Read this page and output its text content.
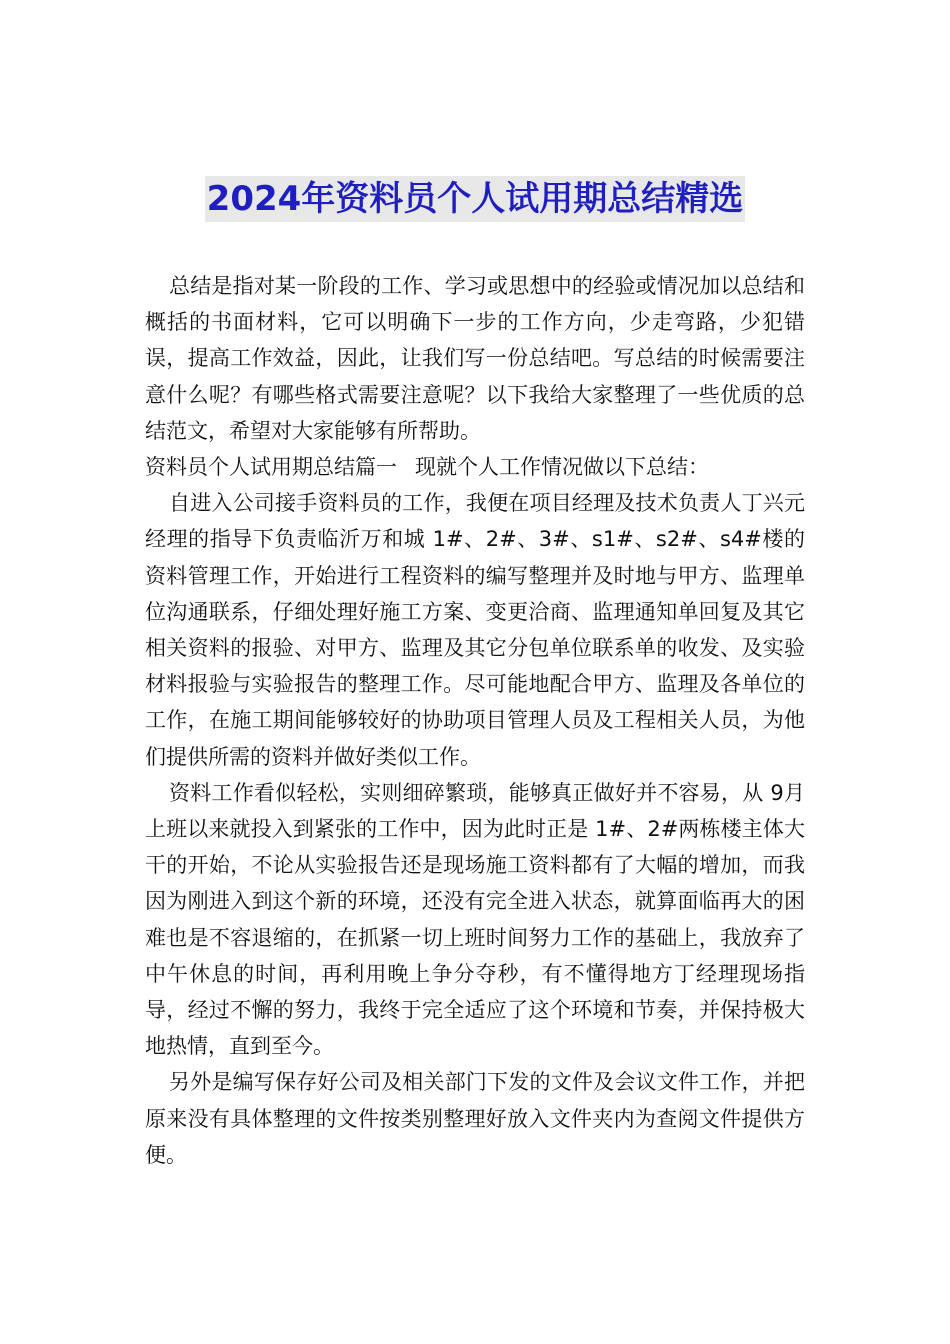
2024年资料员个人试用期总结精选

总结是指对某一阶段的工作、学习或思想中的经验或情况加以总结和概括的书面材料，它可以明确下一步的工作方向，少走弯路，少犯错误，提高工作效益，因此，让我们写一份总结吧。写总结的时候需要注意什么呢？有哪些格式需要注意呢？以下我给大家整理了一些优质的总结范文，希望对大家能够有所帮助。

资料员个人试用期总结篇一 现就个人工作情况做以下总结：

自进入公司接手资料员的工作，我便在项目经理及技术负责人丁兴元经理的指导下负责临沂万和城 1#、2#、3#、s1#、s2#、s4#楼的资料管理工作，开始进行工程资料的编写整理并及时地与甲方、监理单位沟通联系，仔细处理好施工方案、变更洽商、监理通知单回复及其它相关资料的报验、对甲方、监理及其它分包单位联系单的收发、及实验材料报验与实验报告的整理工作。尽可能地配合甲方、监理及各单位的工作，在施工期间能够较好的协助项目管理人员及工程相关人员，为他们提供所需的资料并做好类似工作。

资料工作看似轻松，实则细碎繁琐，能够真正做好并不容易，从 9月上班以来就投入到紧张的工作中，因为此时正是 1#、2#两栋楼主体大干的开始，不论从实验报告还是现场施工资料都有了大幅的增加，而我因为刚进入到这个新的环境，还没有完全进入状态，就算面临再大的困难也是不容退缩的，在抓紧一切上班时间努力工作的基础上，我放弃了中午休息的时间，再利用晚上争分夺秒，有不懂得地方丁经理现场指导，经过不懈的努力，我终于完全适应了这个环境和节奏，并保持极大地热情，直到至今。

另外是编写保存好公司及相关部门下发的文件及会议文件工作，并把原来没有具体整理的文件按类别整理好放入文件夹内为查阅文件提供方便。
